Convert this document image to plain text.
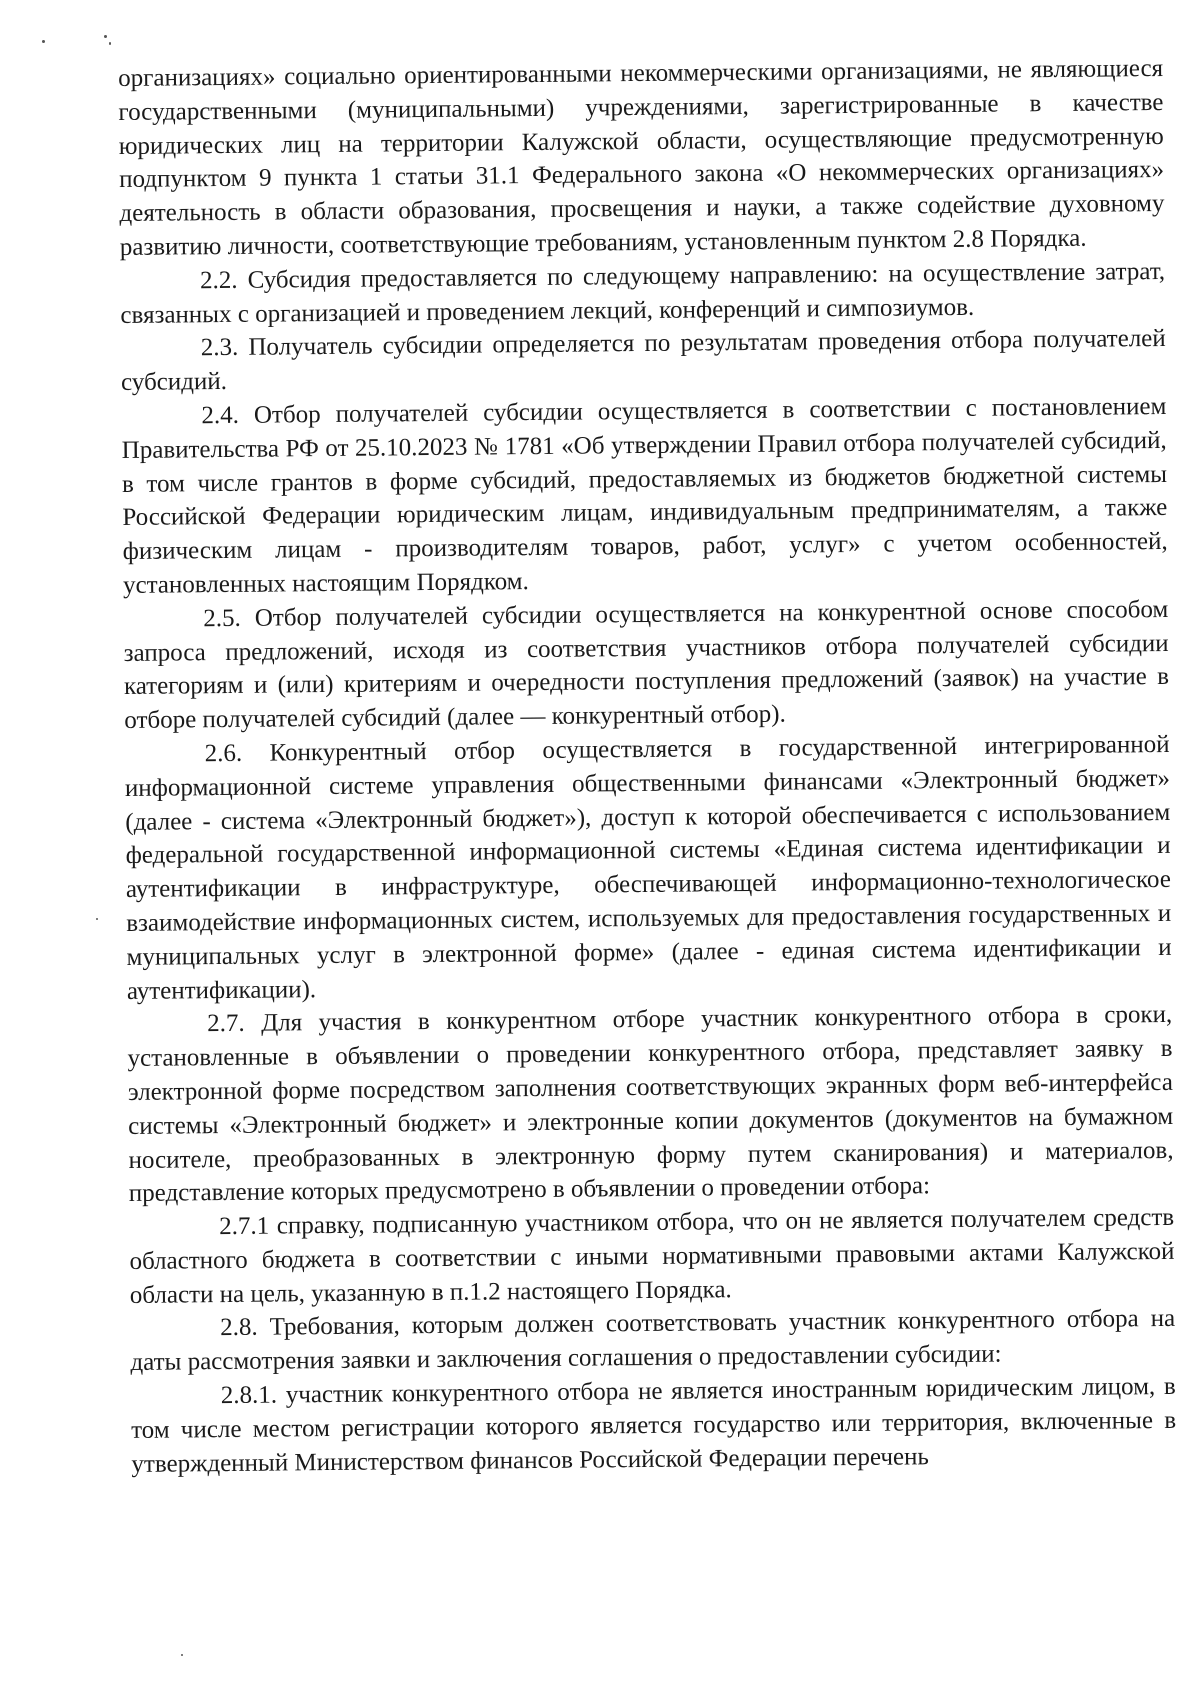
организациях» социально ориентированными некоммерческими организациями, не являющиеся государственными (муниципальными) учреждениями, зарегистрированные в качестве юридических лиц на территории Калужской области, осуществляющие предусмотренную подпунктом 9 пункта 1 статьи 31.1 Федерального закона «О некоммерческих организациях» деятельность в области образования, просвещения и науки, а также содействие духовному развитию личности, соответствующие требованиям, установленным пунктом 2.8 Порядка.

2.2. Субсидия предоставляется по следующему направлению: на осуществление затрат, связанных с организацией и проведением лекций, конференций и симпозиумов.

2.3. Получатель субсидии определяется по результатам проведения отбора получателей субсидий.

2.4. Отбор получателей субсидии осуществляется в соответствии с постановлением Правительства РФ от 25.10.2023 № 1781 «Об утверждении Правил отбора получателей субсидий, в том числе грантов в форме субсидий, предоставляемых из бюджетов бюджетной системы Российской Федерации юридическим лицам, индивидуальным предпринимателям, а также физическим лицам - производителям товаров, работ, услуг» с учетом особенностей, установленных настоящим Порядком.

2.5. Отбор получателей субсидии осуществляется на конкурентной основе способом запроса предложений, исходя из соответствия участников отбора получателей субсидии категориям и (или) критериям и очередности поступления предложений (заявок) на участие в отборе получателей субсидий (далее — конкурентный отбор).

2.6. Конкурентный отбор осуществляется в государственной интегрированной информационной системе управления общественными финансами «Электронный бюджет» (далее - система «Электронный бюджет»), доступ к которой обеспечивается с использованием федеральной государственной информационной системы «Единая система идентификации и аутентификации в инфраструктуре, обеспечивающей информационно-технологическое взаимодействие информационных систем, используемых для предоставления государственных и муниципальных услуг в электронной форме» (далее - единая система идентификации и аутентификации).

2.7. Для участия в конкурентном отборе участник конкурентного отбора в сроки, установленные в объявлении о проведении конкурентного отбора, представляет заявку в электронной форме посредством заполнения соответствующих экранных форм веб-интерфейса системы «Электронный бюджет» и электронные копии документов (документов на бумажном носителе, преобразованных в электронную форму путем сканирования) и материалов, представление которых предусмотрено в объявлении о проведении отбора:

2.7.1 справку, подписанную участником отбора, что он не является получателем средств областного бюджета в соответствии с иными нормативными правовыми актами Калужской области на цель, указанную в п.1.2 настоящего Порядка.

2.8. Требования, которым должен соответствовать участник конкурентного отбора на даты рассмотрения заявки и заключения соглашения о предоставлении субсидии:

2.8.1. участник конкурентного отбора не является иностранным юридическим лицом, в том числе местом регистрации которого является государство или территория, включенные в утвержденный Министерством финансов Российской Федерации перечень
